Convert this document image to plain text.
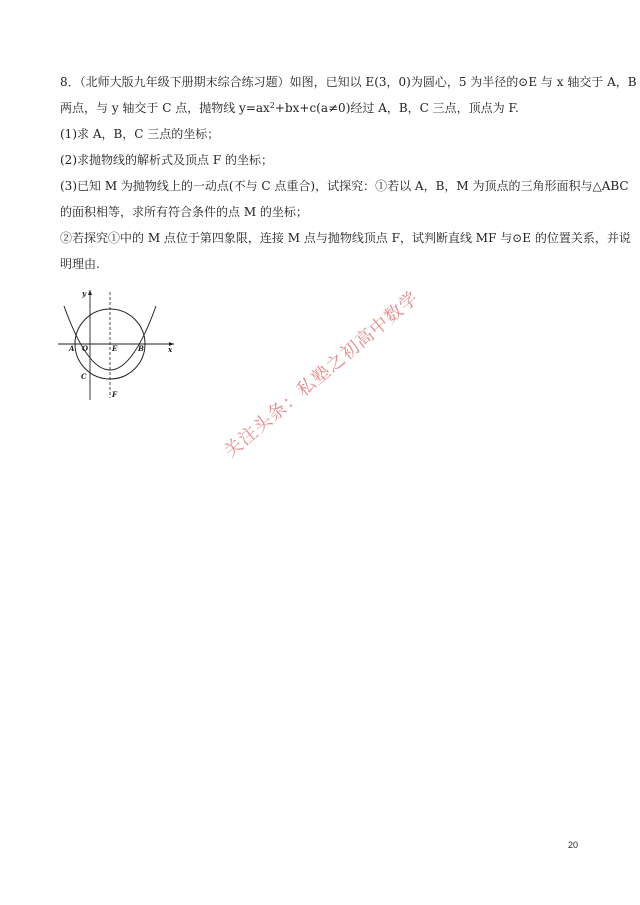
8．（北师大版九年级下册期末综合练习题）如图，已知以 E(3，0)为圆心，5 为半径的⊙E 与 x 轴交于 A，B

两点，与 y 轴交于 C 点，抛物线 $y=ax^2+bx+c(a\ne 0)$经过 A，B，C 三点，顶点为 F.

(1)求 A，B，C 三点的坐标；

(2)求抛物线的解析式及顶点 F 的坐标；

(3)已知 M 为抛物线上的一动点(不与 C 点重合)，试探究：①若以 A，B，M 为顶点的三角形面积与△ABC

的面积相等，求所有符合条件的点 M 的坐标；

②若探究①中的 M 点位于第四象限，连接 M 点与抛物线顶点 F，试判断直线 MF 与⊙E 的位置关系，并说

明理由.

y
x
A O	E	B
C
F	关注头条：私塾之初高中数学
20
